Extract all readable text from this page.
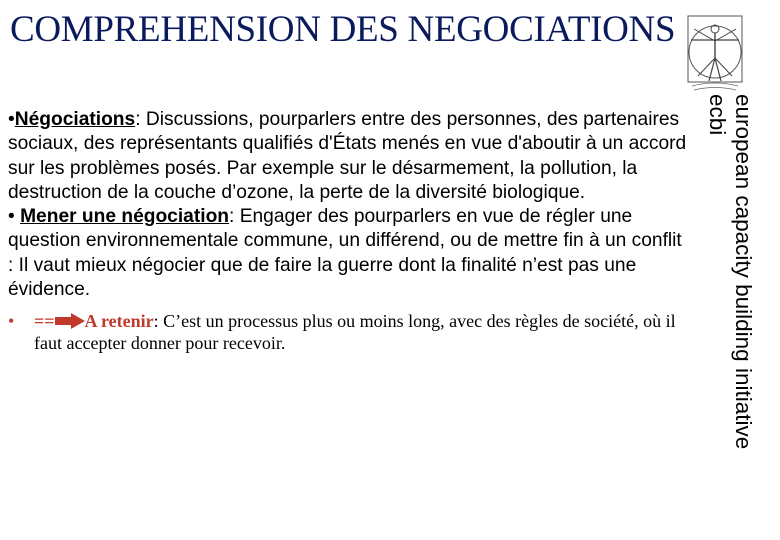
COMPREHENSION DES NEGOCIATIONS
european capacity building initiative
ecbi

•Négociations: Discussions, pourparlers entre des personnes, des partenaires sociaux, des représentants qualifiés d'États menés en vue d'aboutir à un accord sur les problèmes posés. Par exemple sur le désarmement, la pollution, la destruction de la couche d’ozone, la perte de la diversité biologique.

• Mener une négociation: Engager des pourparlers en vue de régler une question environnementale commune, un différend, ou de mettre fin à un conflit : Il vaut mieux négocier que de faire la guerre dont la finalité n’est pas une évidence.

• == A retenir: C’est un processus plus ou moins long, avec des règles de société, où il faut accepter donner pour recevoir.
